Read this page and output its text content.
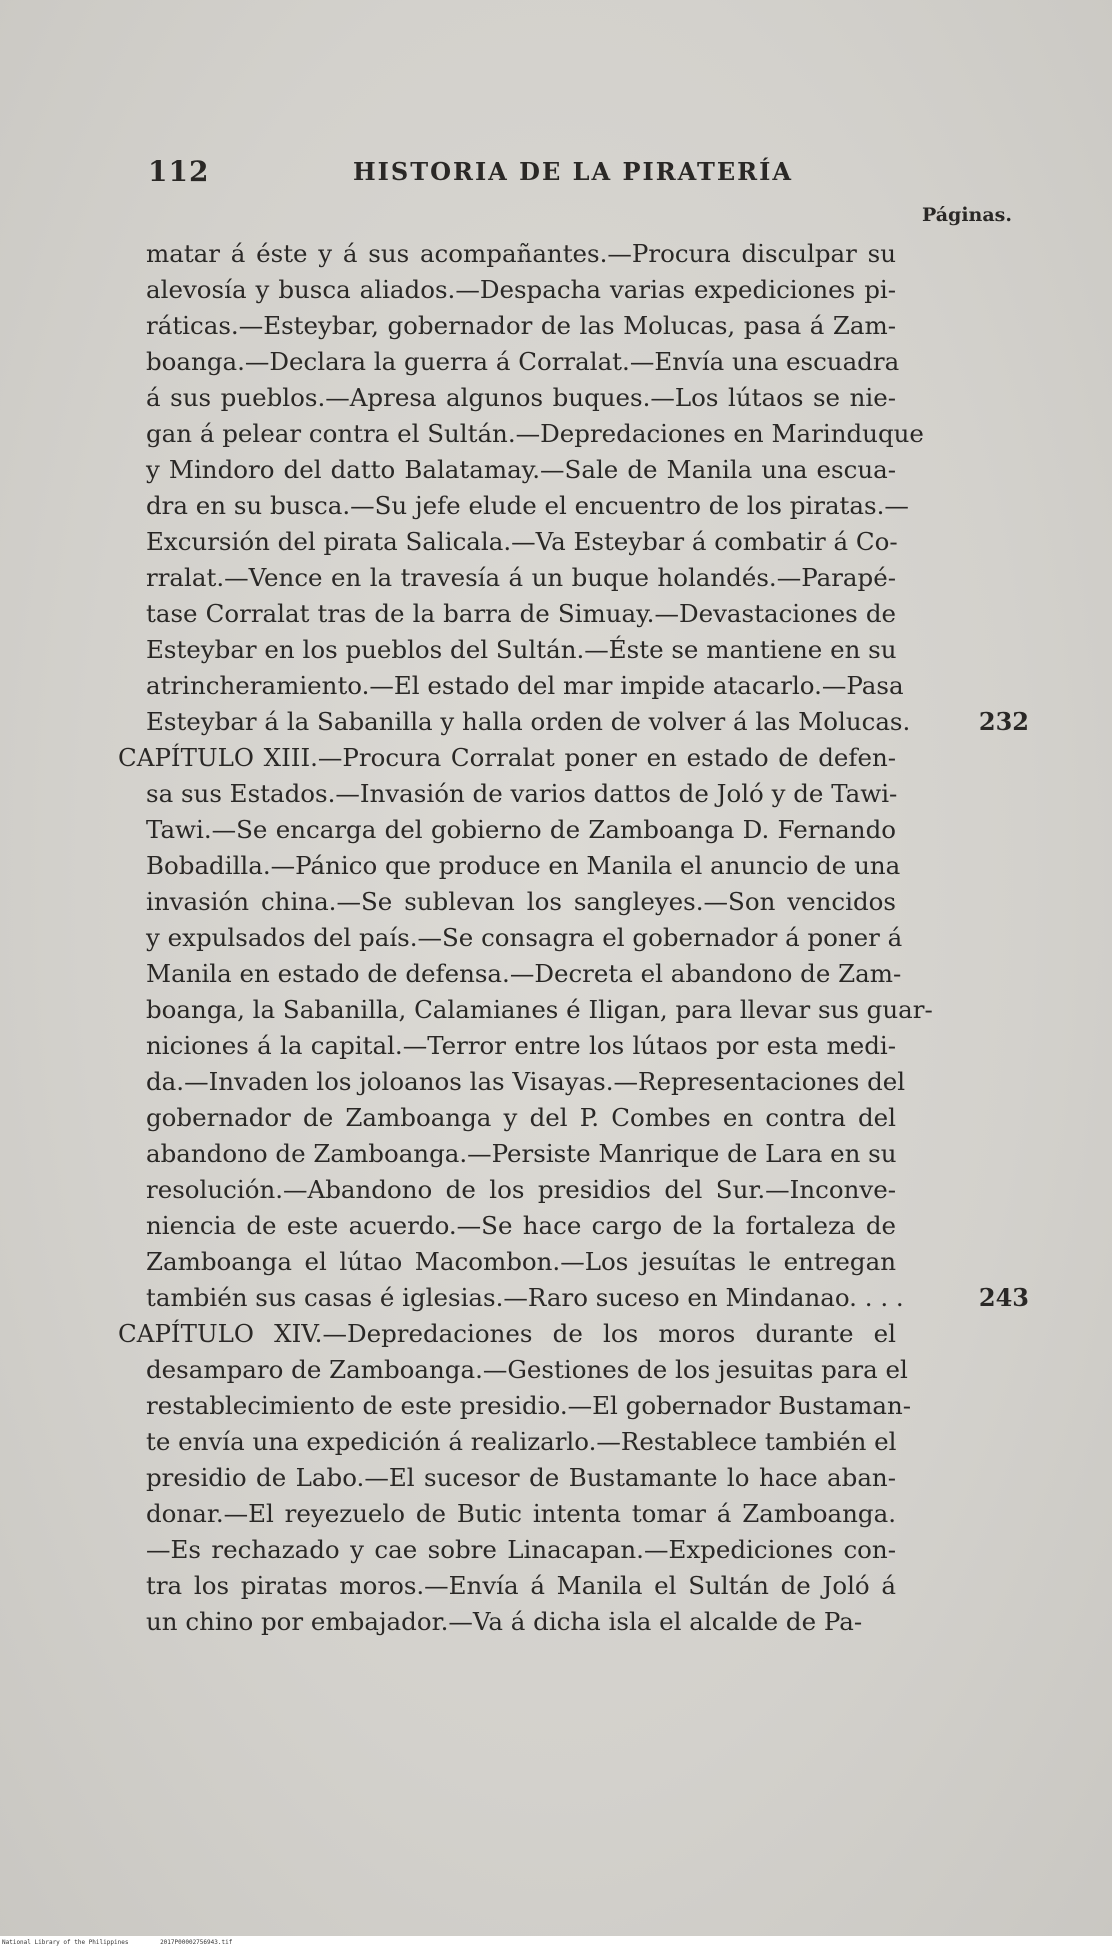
112	HISTORIA DE LA PIRATERÍA
Páginas.
matar á éste y á sus acompañantes.—Procura disculpar su
alevosía y busca aliados.—Despacha varias expediciones pi-
ráticas.—Esteybar, gobernador de las Molucas, pasa á Zam-
boanga.—Declara la guerra á Corralat.—Envía una escuadra
á sus pueblos.—Apresa algunos buques.—Los lútaos se nie-
gan á pelear contra el Sultán.—Depredaciones en Marinduque
y Mindoro del datto Balatamay.—Sale de Manila una escua-
dra en su busca.—Su jefe elude el encuentro de los piratas.—
Excursión del pirata Salicala.—Va Esteybar á combatir á Co-
rralat.—Vence en la travesía á un buque holandés.—Parapé-
tase Corralat tras de la barra de Simuay.—Devastaciones de
Esteybar en los pueblos del Sultán.—Éste se mantiene en su
atrincheramiento.—El estado del mar impide atacarlo.—Pasa
Esteybar á la Sabanilla y halla orden de volver á las Molucas.	232
CAPÍTULO XIII.—Procura Corralat poner en estado de defen-
sa sus Estados.—Invasión de varios dattos de Joló y de Tawi-
Tawi.—Se encarga del gobierno de Zamboanga D. Fernando
Bobadilla.—Pánico que produce en Manila el anuncio de una
invasión china.—Se sublevan los sangleyes.—Son vencidos
y expulsados del país.—Se consagra el gobernador á poner á
Manila en estado de defensa.—Decreta el abandono de Zam-
boanga, la Sabanilla, Calamianes é Iligan, para llevar sus guar-
niciones á la capital.—Terror entre los lútaos por esta medi-
da.—Invaden los joloanos las Visayas.—Representaciones del
gobernador de Zamboanga y del P. Combes en contra del
abandono de Zamboanga.—Persiste Manrique de Lara en su
resolución.—Abandono de los presidios del Sur.—Inconve-
niencia de este acuerdo.—Se hace cargo de la fortaleza de
Zamboanga el lútao Macombon.—Los jesuítas le entregan
también sus casas é iglesias.—Raro suceso en Mindanao. . . .	243
CAPÍTULO XIV.—Depredaciones de los moros durante el
desamparo de Zamboanga.—Gestiones de los jesuitas para el
restablecimiento de este presidio.—El gobernador Bustaman-
te envía una expedición á realizarlo.—Restablece también el
presidio de Labo.—El sucesor de Bustamante lo hace aban-
donar.—El reyezuelo de Butic intenta tomar á Zamboanga.
—Es rechazado y cae sobre Linacapan.—Expediciones con-
tra los piratas moros.—Envía á Manila el Sultán de Joló á
un chino por embajador.—Va á dicha isla el alcalde de Pa-
National Library of the Philippines	2017P00002756943.tif
